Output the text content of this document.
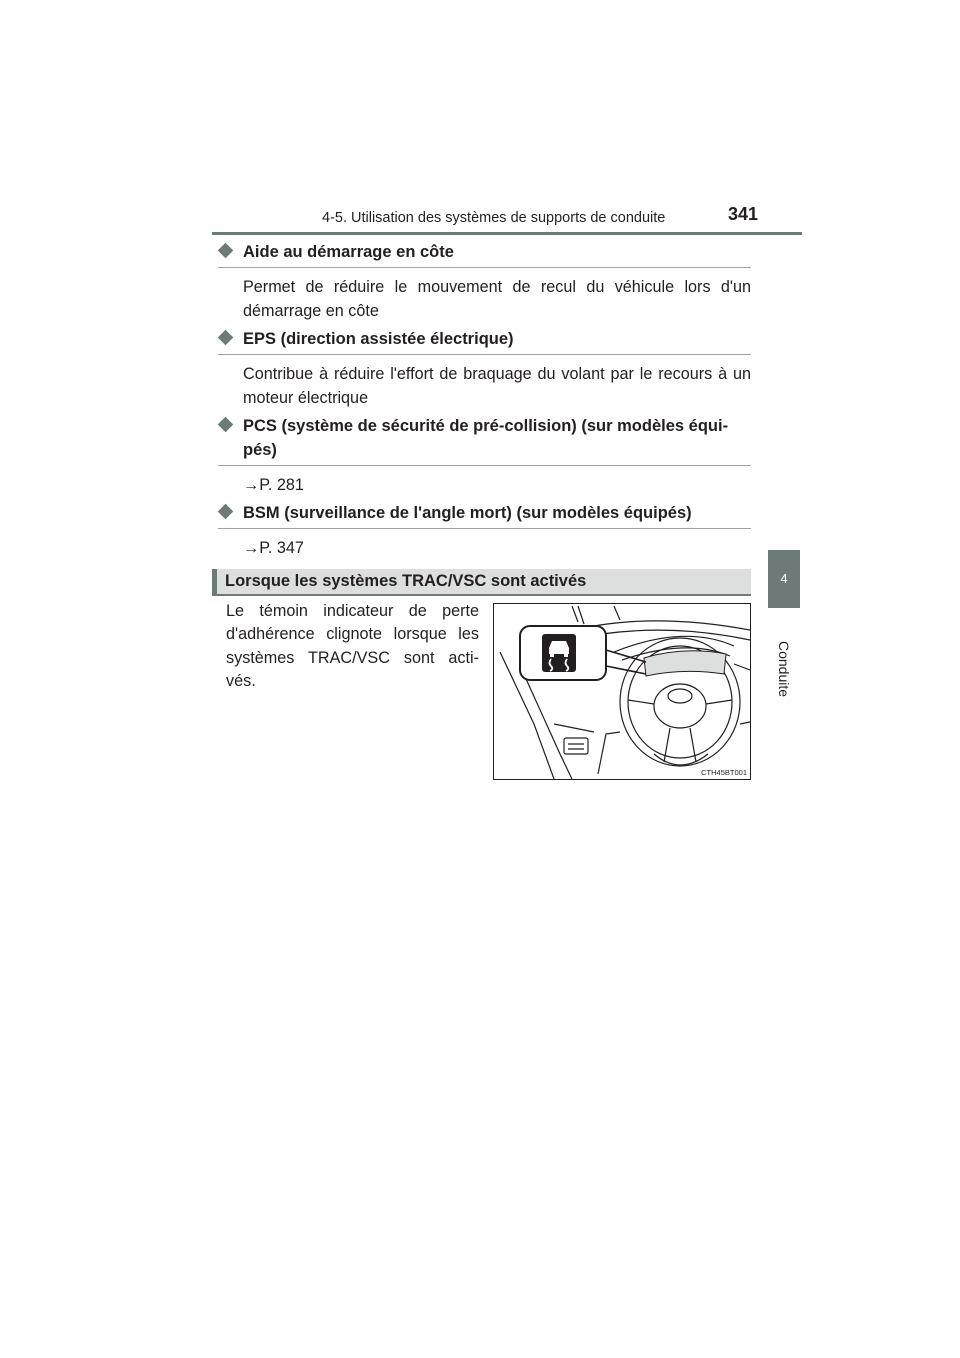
4-5. Utilisation des systèmes de supports de conduite	341
4
Conduite
Aide au démarrage en côte
Permet de réduire le mouvement de recul du véhicule lors d'un démarrage en côte
EPS (direction assistée électrique)
Contribue à réduire l'effort de braquage du volant par le recours à un moteur électrique
PCS (système de sécurité de pré-collision) (sur modèles équi-pés)
→P. 281
BSM (surveillance de l'angle mort) (sur modèles équipés)
→P. 347
Lorsque les systèmes TRAC/VSC sont activés
Le témoin indicateur de perte d'adhérence clignote lorsque les systèmes TRAC/VSC sont acti-vés.
CTH45BT001
